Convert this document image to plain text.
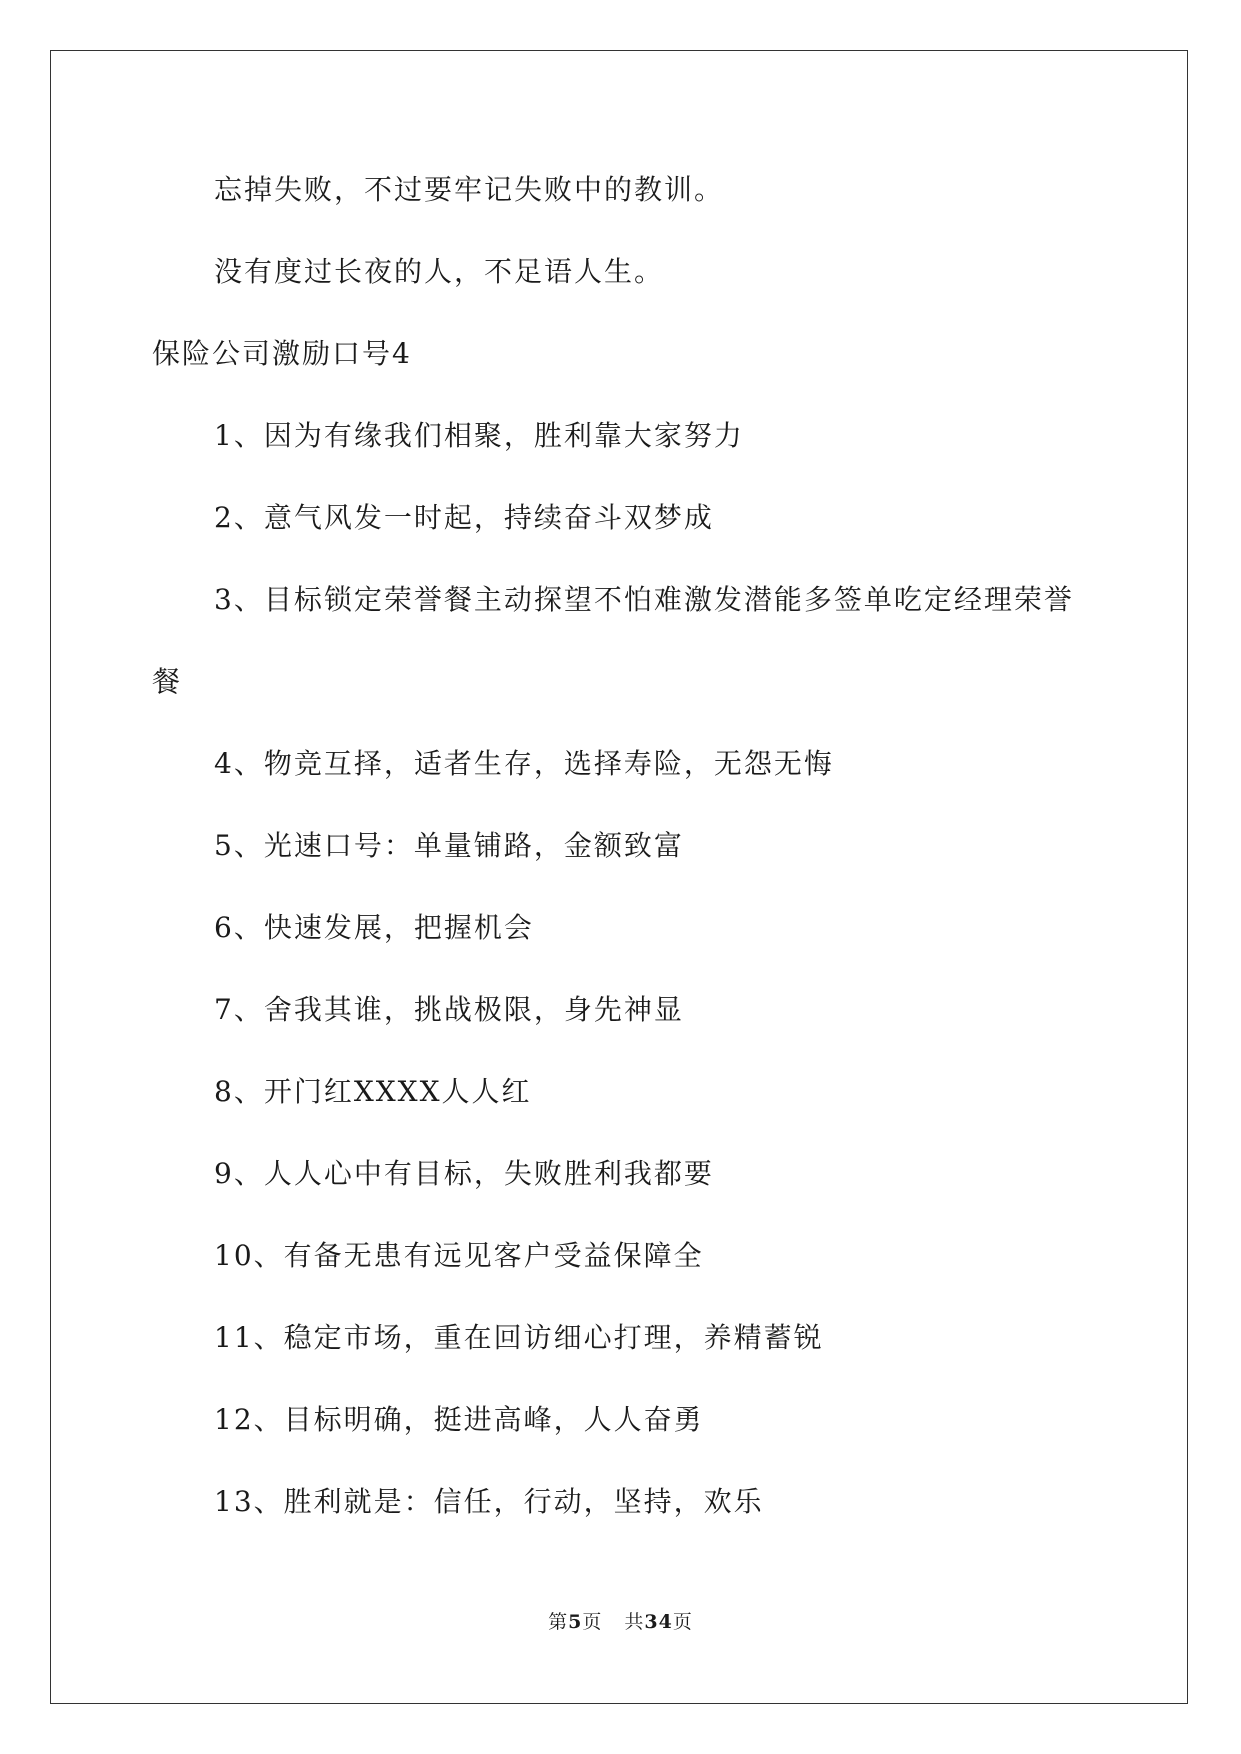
忘掉失败，不过要牢记失败中的教训。
没有度过长夜的人，不足语人生。
保险公司激励口号4
1、因为有缘我们相聚，胜利靠大家努力
2、意气风发一时起，持续奋斗双梦成
3、目标锁定荣誉餐主动探望不怕难激发潜能多签单吃定经理荣誉
餐
4、物竞互择，适者生存，选择寿险，无怨无悔
5、光速口号：单量铺路，金额致富
6、快速发展，把握机会
7、舍我其谁，挑战极限，身先神显
8、开门红XXXX人人红
9、人人心中有目标，失败胜利我都要
10、有备无患有远见客户受益保障全
11、稳定市场，重在回访细心打理，养精蓄锐
12、目标明确，挺进高峰，人人奋勇
13、胜利就是：信任，行动，坚持，欢乐
第5页 共34页
